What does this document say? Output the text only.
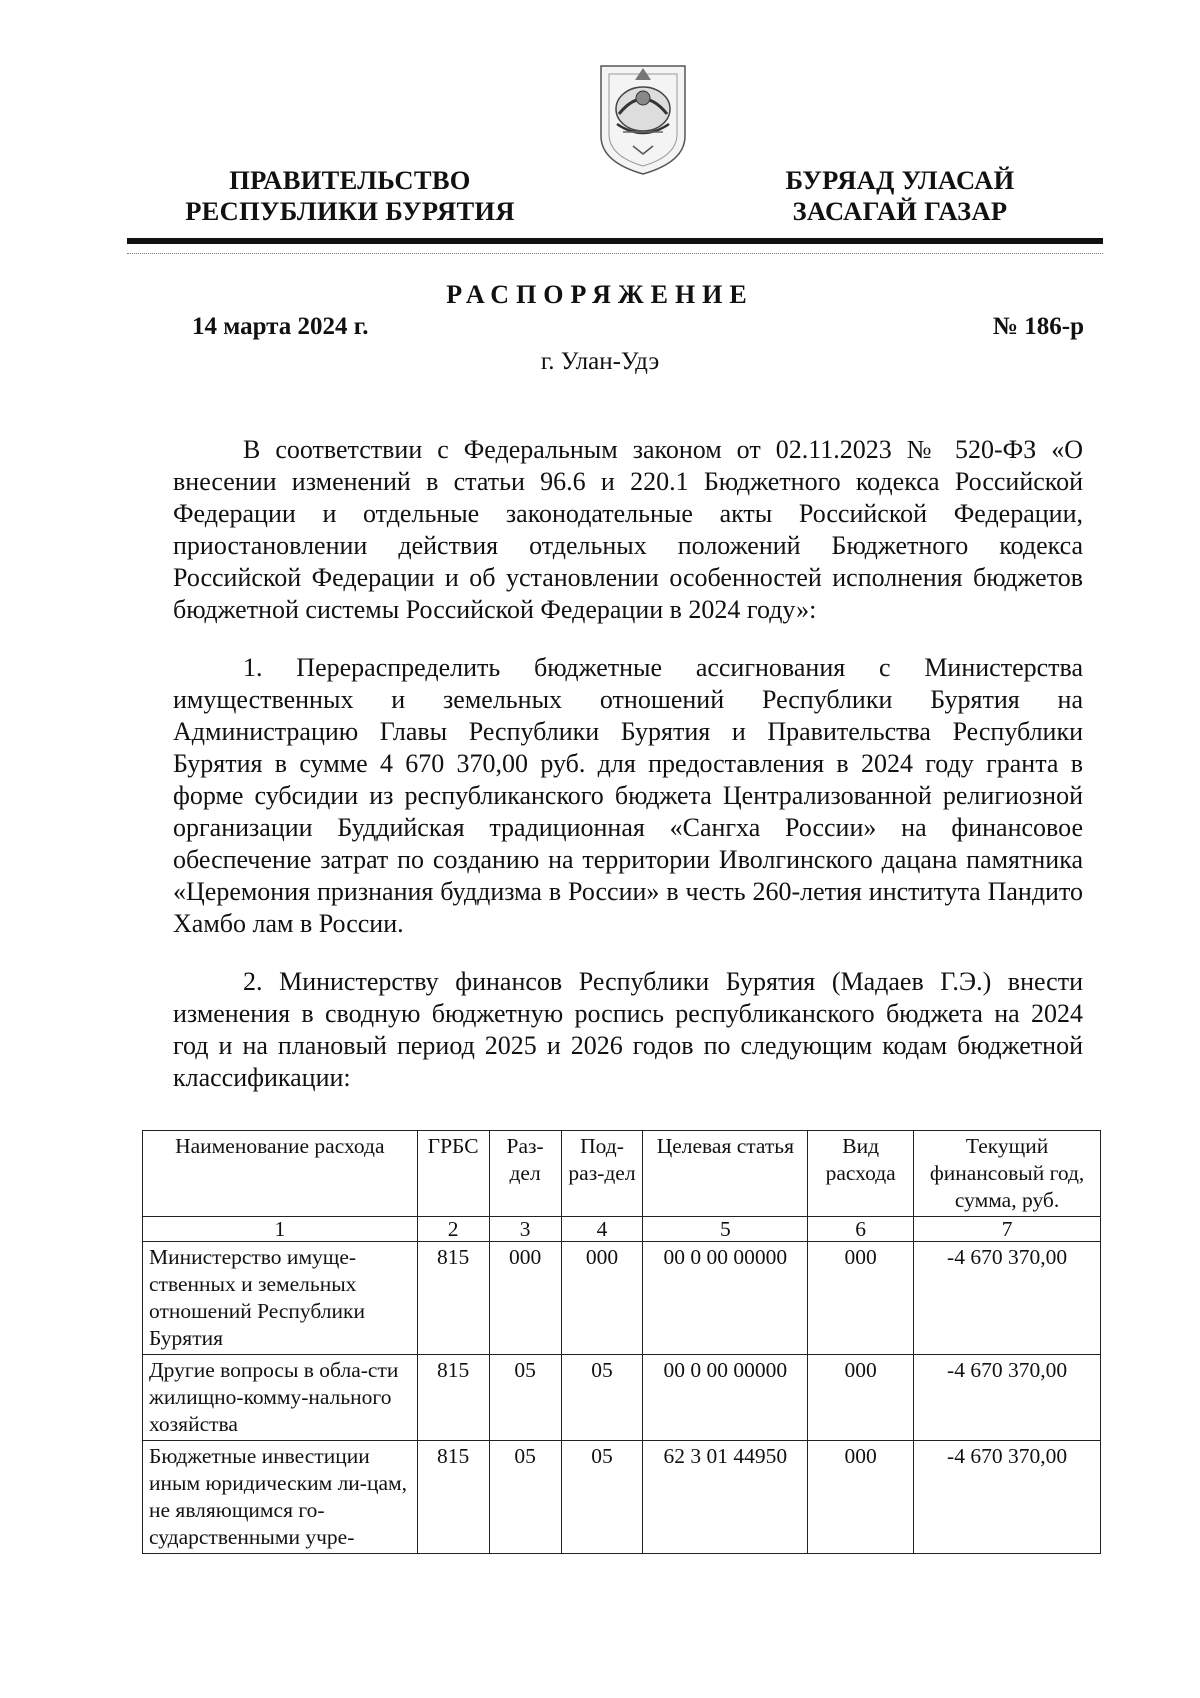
ПРАВИТЕЛЬСТВО
РЕСПУБЛИКИ БУРЯТИЯ
БУРЯАД УЛАСАЙ
ЗАСАГАЙ ГАЗАР
РАСПОРЯЖЕНИЕ
14 марта 2024 г.	№ 186-р
г. Улан-Удэ

В соответствии с Федеральным законом от 02.11.2023 № 520-ФЗ «О внесении изменений в статьи 96.6 и 220.1 Бюджетного кодекса Российской Федерации и отдельные законодательные акты Российской Федерации, приостановлении действия отдельных положений Бюджетного кодекса Российской Федерации и об установлении особенностей исполнения бюджетов бюджетной системы Российской Федерации в 2024 году»:

1. Перераспределить бюджетные ассигнования с Министерства имущественных и земельных отношений Республики Бурятия на Администрацию Главы Республики Бурятия и Правительства Республики Бурятия в сумме 4 670 370,00 руб. для предоставления в 2024 году гранта в форме субсидии из республиканского бюджета Централизованной религиозной организации Буддийская традиционная «Сангха России» на финансовое обеспечение затрат по созданию на территории Иволгинского дацана памятника «Церемония признания буддизма в России» в честь 260-летия института Пандито Хамбо лам в России.

2. Министерству финансов Республики Бурятия (Мадаев Г.Э.) внести изменения в сводную бюджетную роспись республиканского бюджета на 2024 год и на плановый период 2025 и 2026 годов по следующим кодам бюджетной классификации:

Наименование расхода	ГРБС	Раз-дел	Под-раз-дел	Целевая статья	Вид расхода	Текущий финансовый год, сумма, руб.
1	2	3	4	5	6	7
Министерство имуще-ственных и земельных отношений Республики Бурятия	815	000	000	00 0 00 00000	000	-4 670 370,00
Другие вопросы в обла-сти жилищно-комму-нального хозяйства	815	05	05	00 0 00 00000	000	-4 670 370,00
Бюджетные инвестиции иным юридическим ли-цам, не являющимся го-сударственными учре-	815	05	05	62 3 01 44950	000	-4 670 370,00
